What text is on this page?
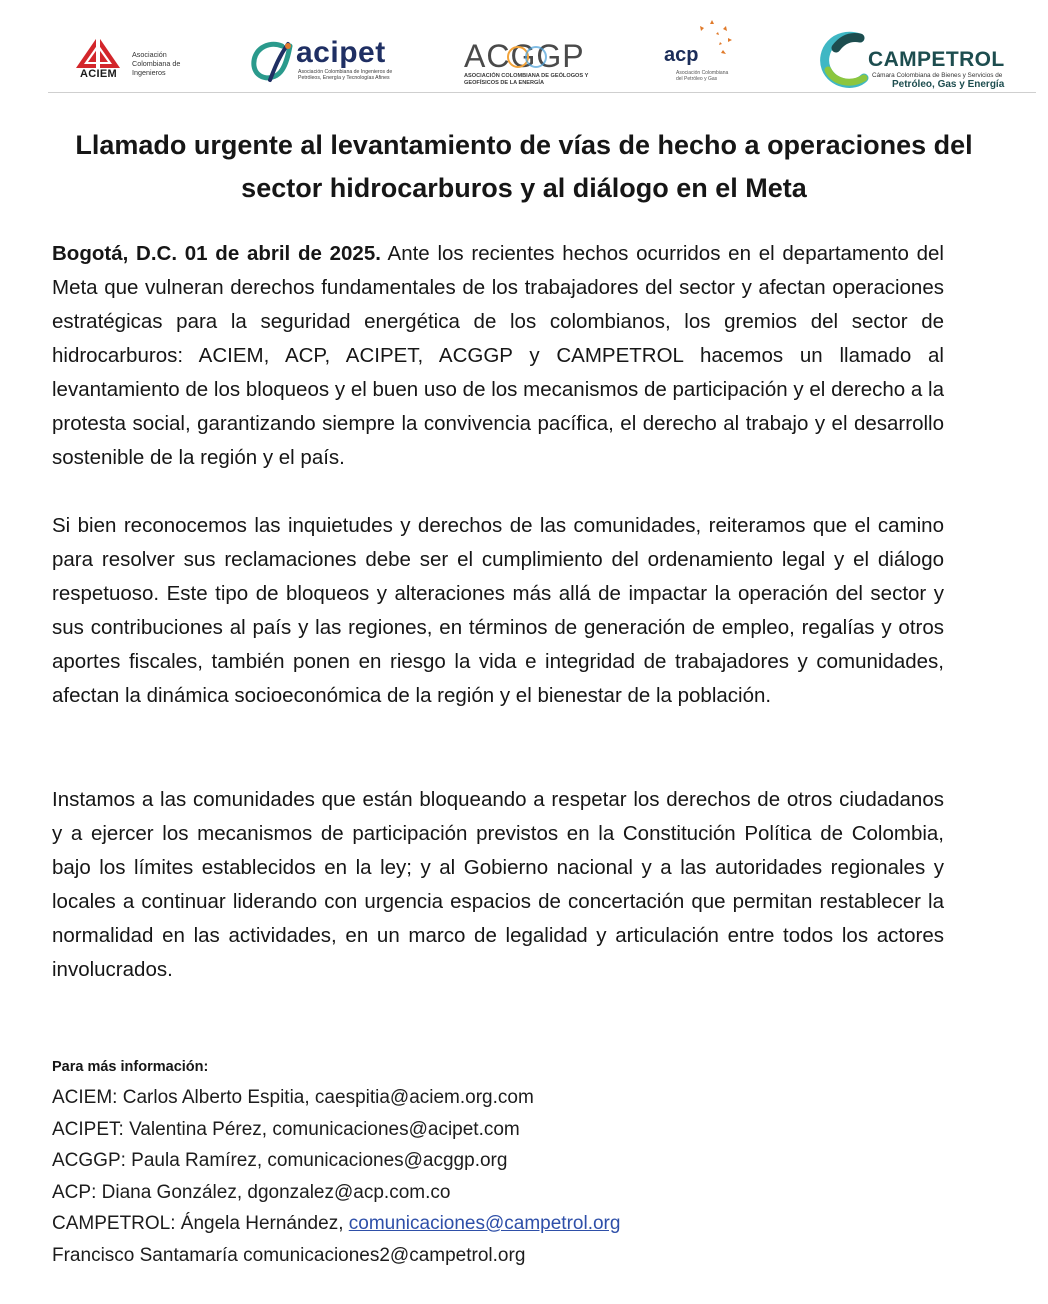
ACIEM
Asociación Colombiana de Ingenieros
acipet
Asociación Colombiana de Ingenieros de Petróleos, Energía y Tecnologías Afines
ACGGP
ASOCIACIÓN COLOMBIANA DE GEÓLOGOS Y GEOFÍSICOS DE LA ENERGÍA
acp
Asociación Colombiana del Petróleo y Gas
CAMPETROL
Cámara Colombiana de Bienes y Servicios de
Petróleo, Gas y Energía
Llamado urgente al levantamiento de vías de hecho a operaciones del sector hidrocarburos y al diálogo en el Meta

Bogotá, D.C. 01 de abril de 2025. Ante los recientes hechos ocurridos en el departamento del Meta que vulneran derechos fundamentales de los trabajadores del sector y afectan operaciones estratégicas para la seguridad energética de los colombianos, los gremios del sector de hidrocarburos: ACIEM, ACP, ACIPET, ACGGP y CAMPETROL hacemos un llamado al levantamiento de los bloqueos y el buen uso de los mecanismos de participación y el derecho a la protesta social, garantizando siempre la convivencia pacífica, el derecho al trabajo y el desarrollo sostenible de la región y el país.

Si bien reconocemos las inquietudes y derechos de las comunidades, reiteramos que el camino para resolver sus reclamaciones debe ser el cumplimiento del ordenamiento legal y el diálogo respetuoso. Este tipo de bloqueos y alteraciones más allá de impactar la operación del sector y sus contribuciones al país y las regiones, en términos de generación de empleo, regalías y otros aportes fiscales, también ponen en riesgo la vida e integridad de trabajadores y comunidades, afectan la dinámica socioeconómica de la región y el bienestar de la población.

Instamos a las comunidades que están bloqueando a respetar los derechos de otros ciudadanos y a ejercer los mecanismos de participación previstos en la Constitución Política de Colombia, bajo los límites establecidos en la ley; y al Gobierno nacional y a las autoridades regionales y locales a continuar liderando con urgencia espacios de concertación que permitan restablecer la normalidad en las actividades, en un marco de legalidad y articulación entre todos los actores involucrados.

Para más información:

ACIEM: Carlos Alberto Espitia, caespitia@aciem.org.com

ACIPET: Valentina Pérez, comunicaciones@acipet.com

ACGGP: Paula Ramírez, comunicaciones@acggp.org

ACP: Diana González, dgonzalez@acp.com.co

CAMPETROL: Ángela Hernández, comunicaciones@campetrol.org

Francisco Santamaría comunicaciones2@campetrol.org
